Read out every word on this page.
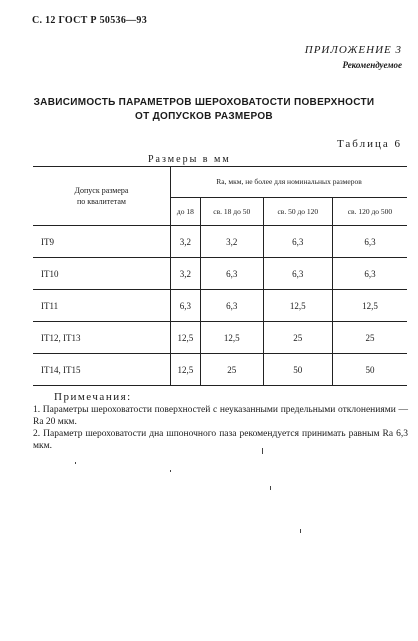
С. 12 ГОСТ Р 50536—93
ПРИЛОЖЕНИЕ 3
Рекомендуемое
ЗАВИСИМОСТЬ ПАРАМЕТРОВ ШЕРОХОВАТОСТИ ПОВЕРХНОСТИ
ОТ ДОПУСКОВ РАЗМЕРОВ
Таблица 6
Размеры в мм
Допуск размера
по квалитетам	Ra, мкм, не более для номинальных размеров			
	до 18	св. 18 до 50	св. 50 до 120	св. 120 до 500
IT9	3,2	3,2	6,3	6,3
IT10	3,2	6,3	6,3	6,3
IT11	6,3	6,3	12,5	12,5
IT12, IT13	12,5	12,5	25	25
IT14, IT15	12,5	25	50	50
Примечания:
1. Параметры шероховатости поверхностей с неуказанными предельными отклонениями — Ra 20 мкм.
2. Параметр шероховатости дна шпоночного паза рекомендуется принимать равным Ra 6,3 мкм.
